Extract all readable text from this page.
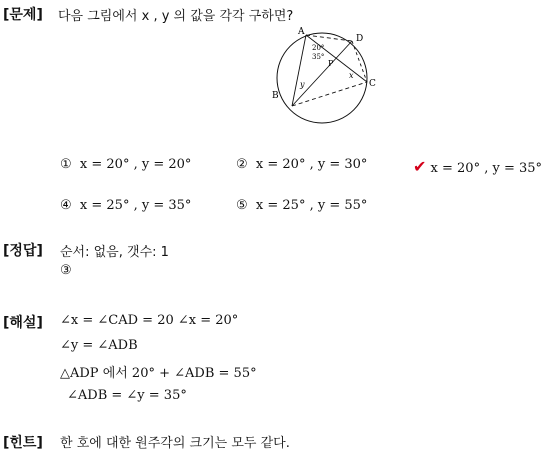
[문제] 다음 그림에서 x , y 의 값을 각각 구하면?
A
D
B
C
P
20°
35°
x
y
① x = 20° , y = 20°	② x = 20° , y = 30°	✔ x = 20° , y = 35°
④ x = 25° , y = 35°	⑤ x = 25° , y = 55°
[정답] 순서: 없음, 갯수: 1
③
[해설] ∠x = ∠CAD = 20 ∠x = 20°
∠y = ∠ADB
△ADP 에서 20° + ∠ADB = 55°
∠ADB = ∠y = 35°
[힌트] 한 호에 대한 원주각의 크기는 모두 같다.
